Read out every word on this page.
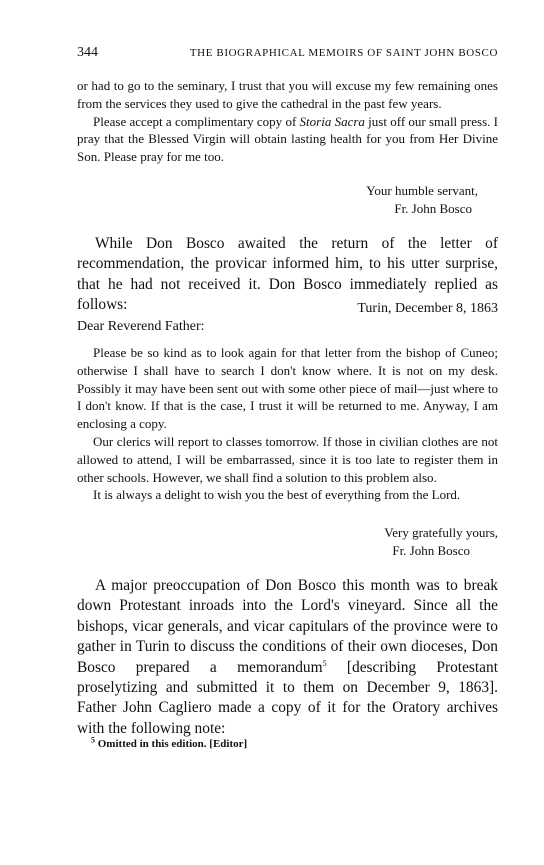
344	THE BIOGRAPHICAL MEMOIRS OF SAINT JOHN BOSCO

or had to go to the seminary, I trust that you will excuse my few remaining ones from the services they used to give the cathedral in the past few years.

Please accept a complimentary copy of Storia Sacra just off our small press. I pray that the Blessed Virgin will obtain lasting health for you from Her Divine Son. Please pray for me too.

Your humble servant,

Fr. John Bosco

While Don Bosco awaited the return of the letter of recommendation, the provicar informed him, to his utter surprise, that he had not received it. Don Bosco immediately replied as follows:	Turin, December 8, 1863

Dear Reverend Father:

Please be so kind as to look again for that letter from the bishop of Cuneo; otherwise I shall have to search I don't know where. It is not on my desk. Possibly it may have been sent out with some other piece of mail—just where to I don't know. If that is the case, I trust it will be returned to me. Anyway, I am enclosing a copy.

Our clerics will report to classes tomorrow. If those in civilian clothes are not allowed to attend, I will be embarrassed, since it is too late to register them in other schools. However, we shall find a solution to this problem also.

It is always a delight to wish you the best of everything from the Lord.

Very gratefully yours,

Fr. John Bosco

A major preoccupation of Don Bosco this month was to break down Protestant inroads into the Lord's vineyard. Since all the bishops, vicar generals, and vicar capitulars of the province were to gather in Turin to discuss the conditions of their own dioceses, Don Bosco prepared a memorandum$^5$ [describing Protestant proselytizing and submitted it to them on December 9, 1863]. Father John Cagliero made a copy of it for the Oratory archives with the following note:

$^5$ Omitted in this edition. [Editor]
